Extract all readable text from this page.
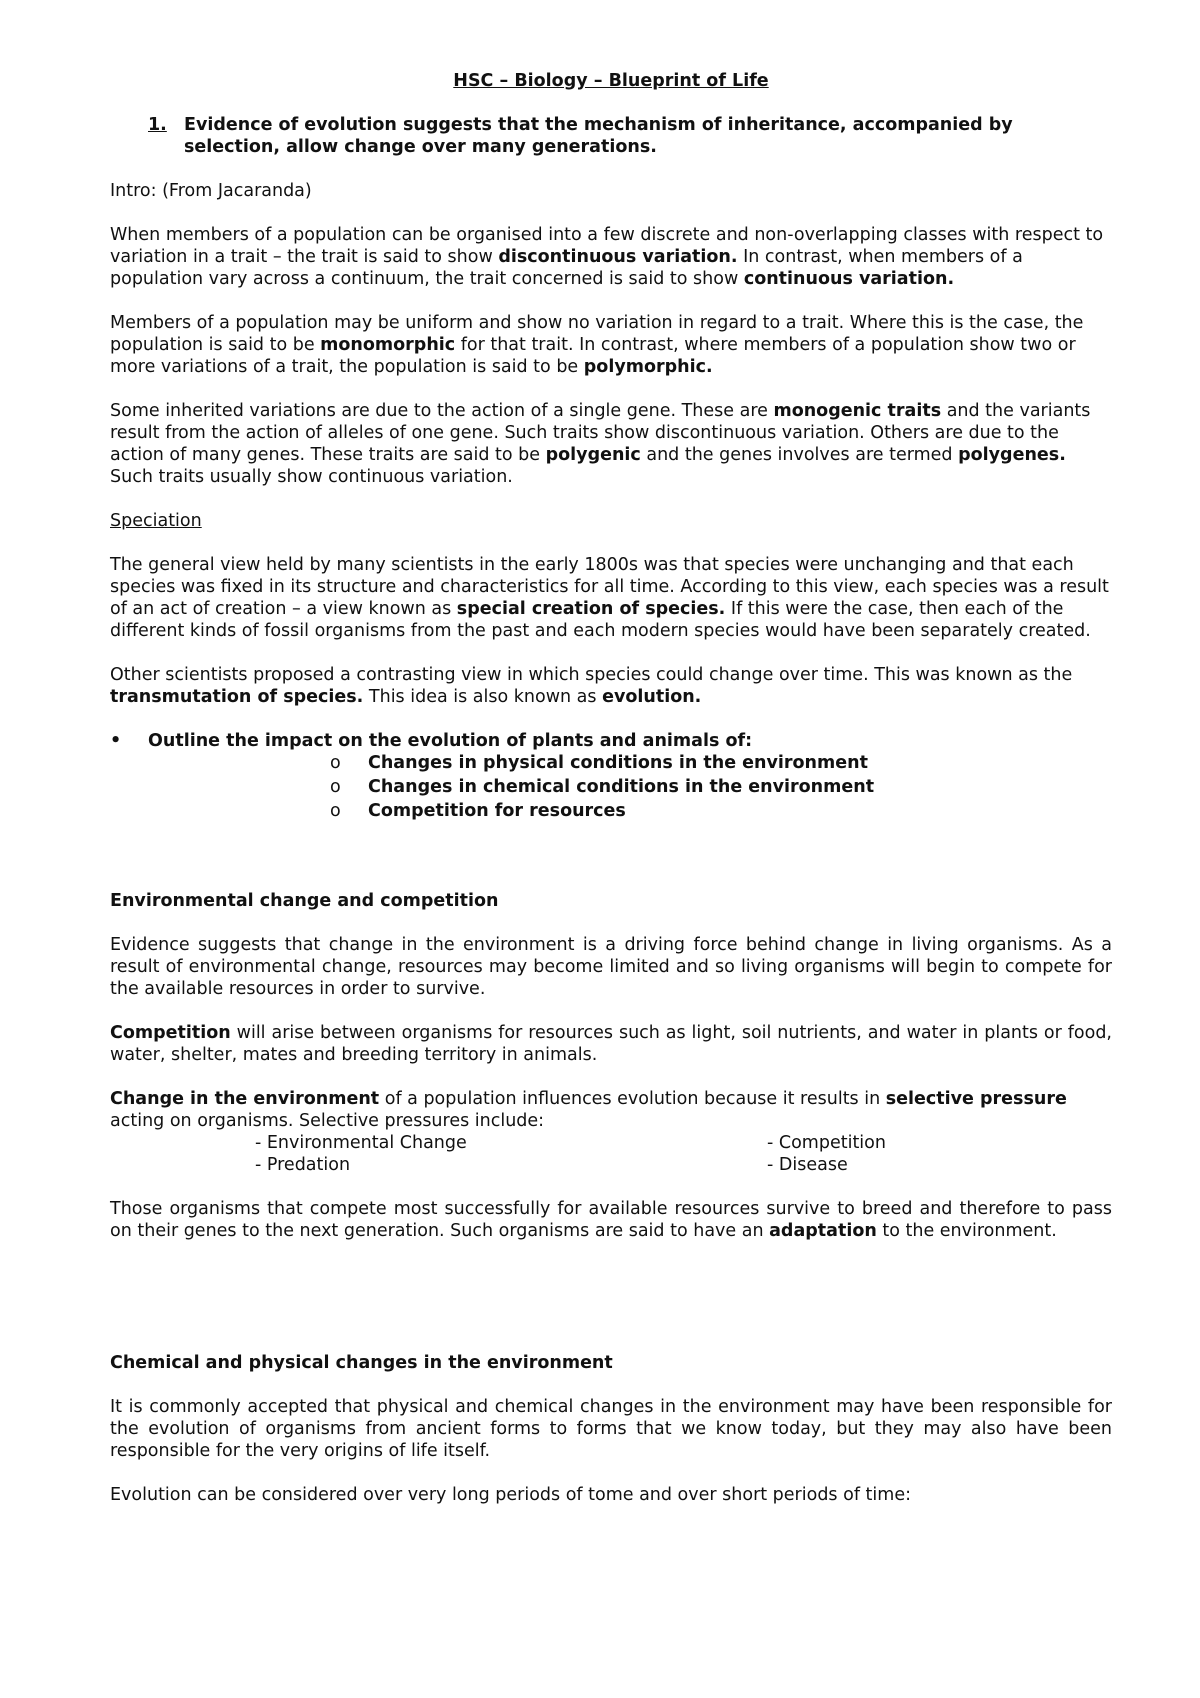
HSC – Biology – Blueprint of Life

1. Evidence of evolution suggests that the mechanism of inheritance, accompanied by selection, allow change over many generations.

Intro: (From Jacaranda)

When members of a population can be organised into a few discrete and non-overlapping classes with respect to variation in a trait – the trait is said to show discontinuous variation. In contrast, when members of a population vary across a continuum, the trait concerned is said to show continuous variation.

Members of a population may be uniform and show no variation in regard to a trait. Where this is the case, the population is said to be monomorphic for that trait. In contrast, where members of a population show two or more variations of a trait, the population is said to be polymorphic.

Some inherited variations are due to the action of a single gene. These are monogenic traits and the variants result from the action of alleles of one gene. Such traits show discontinuous variation. Others are due to the action of many genes. These traits are said to be polygenic and the genes involves are termed polygenes. Such traits usually show continuous variation.

Speciation

The general view held by many scientists in the early 1800s was that species were unchanging and that each species was fixed in its structure and characteristics for all time. According to this view, each species was a result of an act of creation – a view known as special creation of species. If this were the case, then each of the different kinds of fossil organisms from the past and each modern species would have been separately created.

Other scientists proposed a contrasting view in which species could change over time. This was known as the transmutation of species. This idea is also known as evolution.

•	Outline the impact on the evolution of plants and animals of:
o	Changes in physical conditions in the environment
o	Changes in chemical conditions in the environment
o	Competition for resources

Environmental change and competition

Evidence suggests that change in the environment is a driving force behind change in living organisms. As a result of environmental change, resources may become limited and so living organisms will begin to compete for the available resources in order to survive.

Competition will arise between organisms for resources such as light, soil nutrients, and water in plants or food, water, shelter, mates and breeding territory in animals.

Change in the environment of a population influences evolution because it results in selective pressure acting on organisms. Selective pressures include:

- Environmental Change	- Competition
- Predation	- Disease

Those organisms that compete most successfully for available resources survive to breed and therefore to pass on their genes to the next generation. Such organisms are said to have an adaptation to the environment.

Chemical and physical changes in the environment

It is commonly accepted that physical and chemical changes in the environment may have been responsible for the evolution of organisms from ancient forms to forms that we know today, but they may also have been responsible for the very origins of life itself.

Evolution can be considered over very long periods of tome and over short periods of time:
